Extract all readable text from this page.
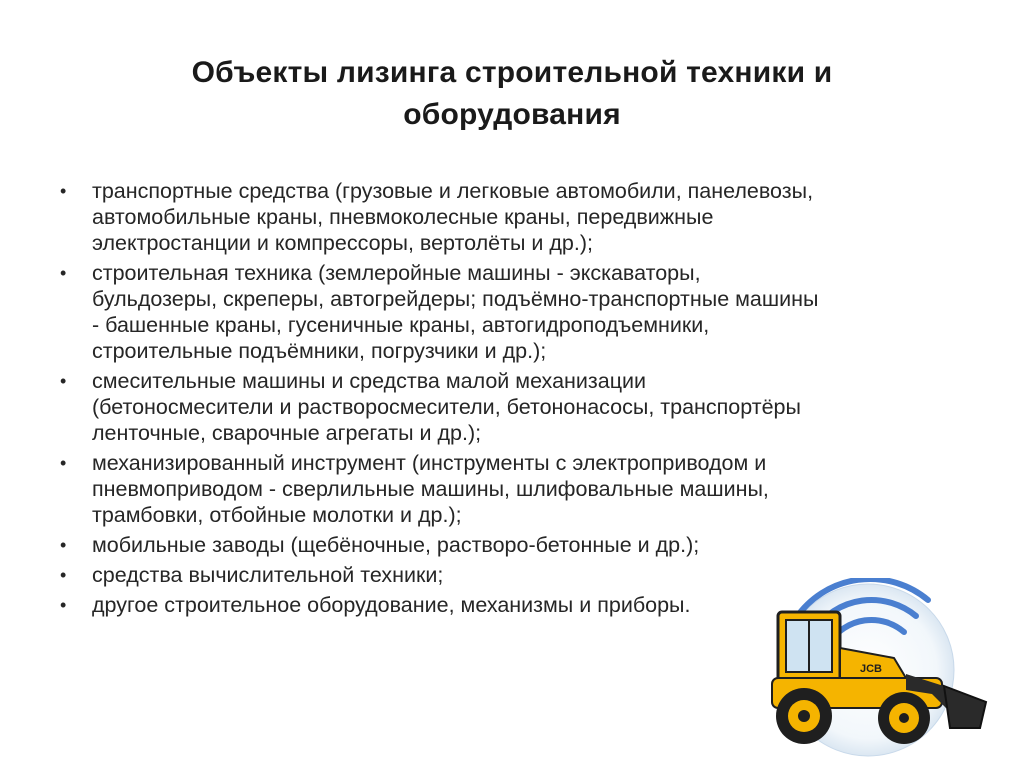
Объекты лизинга строительной техники и
оборудования
• транспортные средства (грузовые и легковые автомобили, панелевозы,
автомобильные краны, пневмоколесные краны, передвижные
электростанции и компрессоры, вертолёты и др.);
• строительная техника (землеройные машины - экскаваторы,
бульдозеры, скреперы, автогрейдеры; подъёмно-транспортные машины
- башенные краны, гусеничные краны, автогидроподъемники,
строительные подъёмники, погрузчики и др.);
• смесительные машины и средства малой механизации
(бетоносмесители и растворосмесители, бетононасосы, транспортёры
ленточные, сварочные агрегаты и др.);
• механизированный инструмент (инструменты с электроприводом и
пневмоприводом - сверлильные машины, шлифовальные машины,
трамбовки, отбойные молотки и др.);
• мобильные заводы (щебёночные, растворо-бетонные и др.);
• средства вычислительной техники;
• другое строительное оборудование, механизмы и приборы.
JCB
